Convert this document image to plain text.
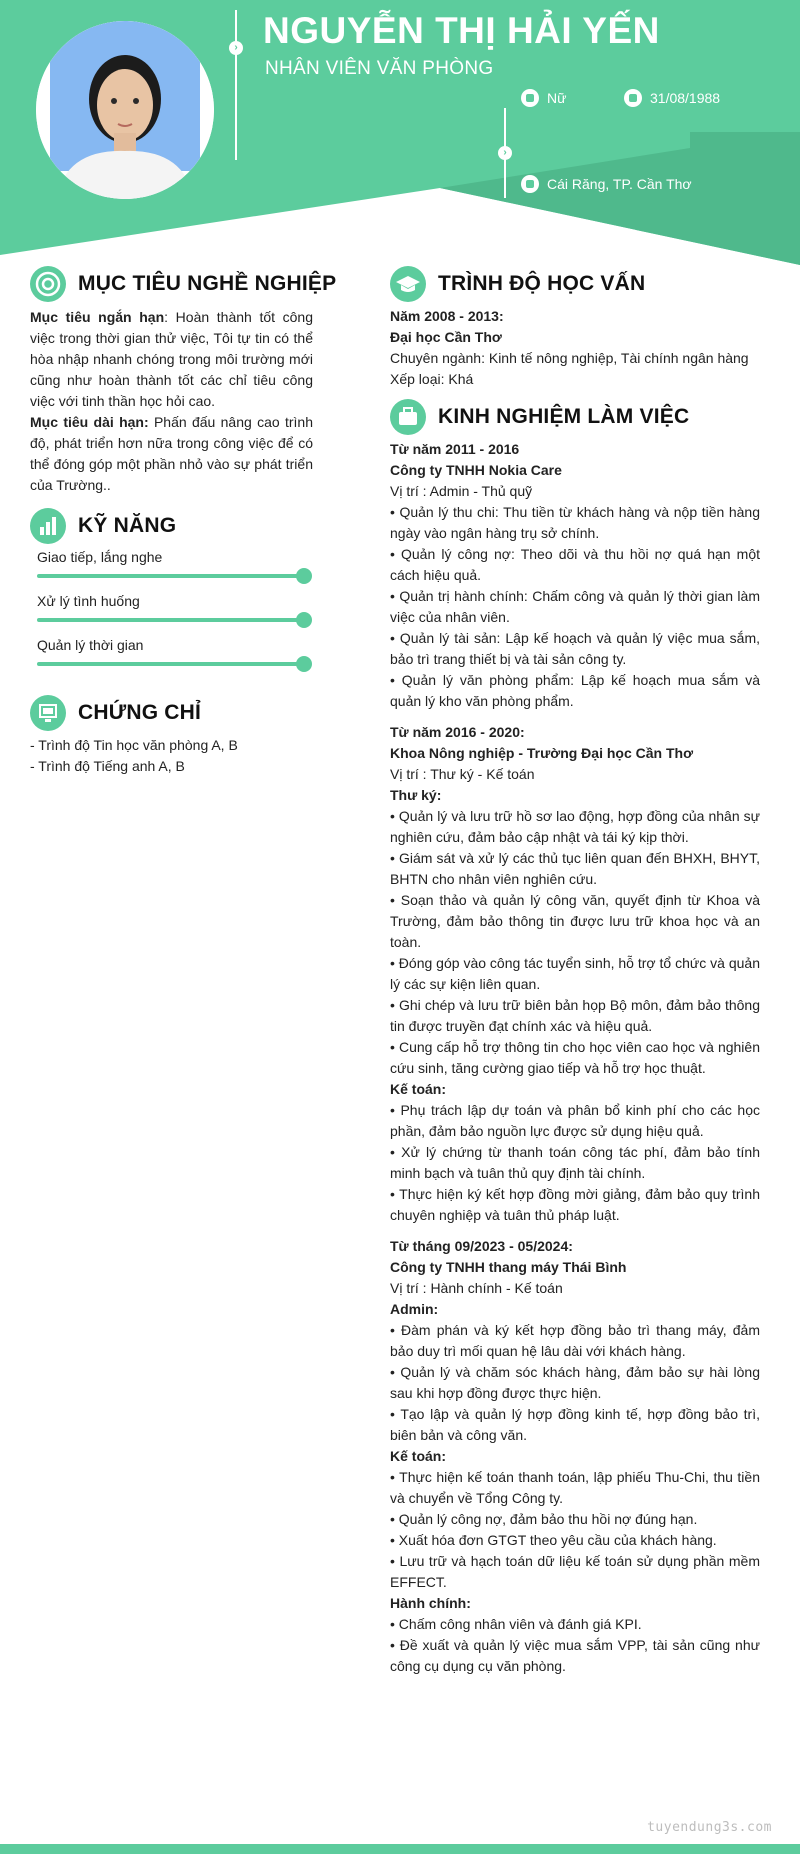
›
›
NGUYỄN THỊ HẢI YẾN
NHÂN VIÊN VĂN PHÒNG
Nữ	31/08/1988
Cái Răng, TP. Cần Thơ
MỤC TIÊU NGHỀ NGHIỆP

Mục tiêu ngắn hạn: Hoàn thành tốt công việc trong thời gian thử việc, Tôi tự tin có thể hòa nhập nhanh chóng trong môi trường mới cũng như hoàn thành tốt các chỉ tiêu công việc với tinh thần học hỏi cao.

Mục tiêu dài hạn: Phấn đấu nâng cao trình độ, phát triển hơn nữa trong công việc để có thể đóng góp một phần nhỏ vào sự phát triển của Trường..

KỸ NĂNG
Giao tiếp, lắng nghe
Xử lý tình huống
Quản lý thời gian
CHỨNG CHỈ

- Trình độ Tin học văn phòng A, B

- Trình độ Tiếng anh A, B

TRÌNH ĐỘ HỌC VẤN

Năm 2008 - 2013:

Đại học Cần Thơ

Chuyên ngành: Kinh tế nông nghiệp, Tài chính ngân hàng

Xếp loại: Khá

KINH NGHIỆM LÀM VIỆC

Từ năm 2011 - 2016

Công ty TNHH Nokia Care

Vị trí : Admin - Thủ quỹ

• Quản lý thu chi: Thu tiền từ khách hàng và nộp tiền hàng ngày vào ngân hàng trụ sở chính.

• Quản lý công nợ: Theo dõi và thu hồi nợ quá hạn một cách hiệu quả.

• Quản trị hành chính: Chấm công và quản lý thời gian làm việc của nhân viên.

• Quản lý tài sản: Lập kế hoạch và quản lý việc mua sắm, bảo trì trang thiết bị và tài sản công ty.

• Quản lý văn phòng phẩm: Lập kế hoạch mua sắm và quản lý kho văn phòng phẩm.

Từ năm 2016 - 2020:

Khoa Nông nghiệp - Trường Đại học Cần Thơ

Vị trí : Thư ký - Kế toán

Thư ký:

• Quản lý và lưu trữ hồ sơ lao động, hợp đồng của nhân sự nghiên cứu, đảm bảo cập nhật và tái ký kịp thời.

• Giám sát và xử lý các thủ tục liên quan đến BHXH, BHYT, BHTN cho nhân viên nghiên cứu.

• Soạn thảo và quản lý công văn, quyết định từ Khoa và Trường, đảm bảo thông tin được lưu trữ khoa học và an toàn.

• Đóng góp vào công tác tuyển sinh, hỗ trợ tổ chức và quản lý các sự kiện liên quan.

• Ghi chép và lưu trữ biên bản họp Bộ môn, đảm bảo thông tin được truyền đạt chính xác và hiệu quả.

• Cung cấp hỗ trợ thông tin cho học viên cao học và nghiên cứu sinh, tăng cường giao tiếp và hỗ trợ học thuật.

Kế toán:

• Phụ trách lập dự toán và phân bổ kinh phí cho các học phần, đảm bảo nguồn lực được sử dụng hiệu quả.

• Xử lý chứng từ thanh toán công tác phí, đảm bảo tính minh bạch và tuân thủ quy định tài chính.

• Thực hiện ký kết hợp đồng mời giảng, đảm bảo quy trình chuyên nghiệp và tuân thủ pháp luật.

Từ tháng 09/2023 - 05/2024:

Công ty TNHH thang máy Thái Bình

Vị trí : Hành chính - Kế toán

Admin:

• Đàm phán và ký kết hợp đồng bảo trì thang máy, đảm bảo duy trì mối quan hệ lâu dài với khách hàng.

• Quản lý và chăm sóc khách hàng, đảm bảo sự hài lòng sau khi hợp đồng được thực hiện.

• Tạo lập và quản lý hợp đồng kinh tế, hợp đồng bảo trì, biên bản và công văn.

Kế toán:

• Thực hiện kế toán thanh toán, lập phiếu Thu-Chi, thu tiền và chuyển về Tổng Công ty.

• Quản lý công nợ, đảm bảo thu hồi nợ đúng hạn.

• Xuất hóa đơn GTGT theo yêu cầu của khách hàng.

• Lưu trữ và hạch toán dữ liệu kế toán sử dụng phần mềm EFFECT.

Hành chính:

• Chấm công nhân viên và đánh giá KPI.

• Đề xuất và quản lý việc mua sắm VPP, tài sản cũng như công cụ dụng cụ văn phòng.

tuyendung3s.com
